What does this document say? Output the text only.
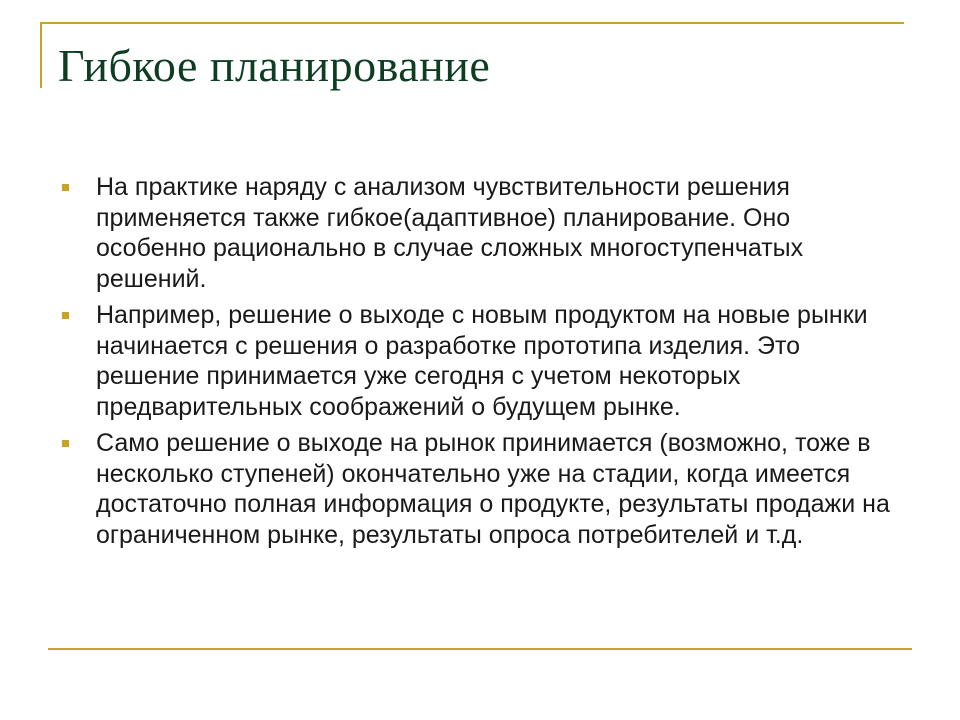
Гибкое планирование
На практике наряду с анализом чувствительности решения применяется также гибкое(адаптивное) планирование. Оно особенно рационально в случае сложных многоступенчатых решений.
Например, решение о выходе с новым продуктом на новые рынки начинается с решения о разработке прототипа изделия. Это решение принимается уже сегодня с учетом некоторых предварительных соображений о будущем рынке.
Само решение о выходе на рынок принимается (возможно, тоже в несколько ступеней) окончательно уже на стадии, когда имеется достаточно полная информация о продукте, результаты продажи на ограниченном рынке, результаты опроса потребителей и т.д.
